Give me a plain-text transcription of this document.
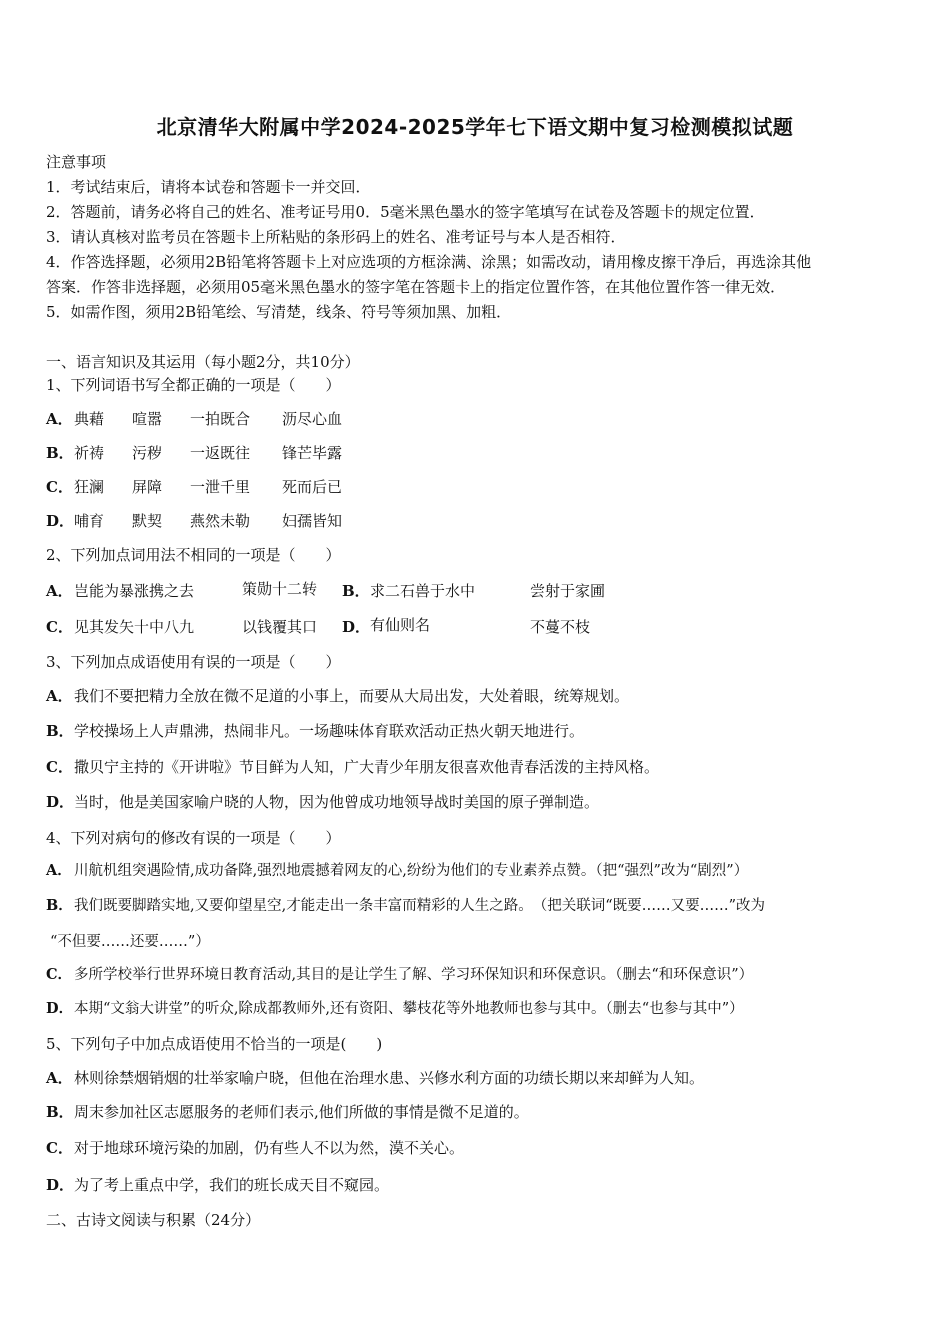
北京清华大附属中学2024-2025学年七下语文期中复习检测模拟试题
注意事项
1．考试结束后，请将本试卷和答题卡一并交回．
2．答题前，请务必将自己的姓名、准考证号用0．5毫米黑色墨水的签字笔填写在试卷及答题卡的规定位置．
3．请认真核对监考员在答题卡上所粘贴的条形码上的姓名、准考证号与本人是否相符．
4．作答选择题，必须用2B铅笔将答题卡上对应选项的方框涂满、涂黑；如需改动，请用橡皮擦干净后，再选涂其他
答案．作答非选择题，必须用05毫米黑色墨水的签字笔在答题卡上的指定位置作答，在其他位置作答一律无效．
5．如需作图，须用2B铅笔绘、写清楚，线条、符号等须加黑、加粗．
一、语言知识及其运用（每小题2分，共10分）
1、下列词语书写全都正确的一项是（　　）
A．典藉 喧嚣 一拍既合 沥尽心血
B．祈祷 污秽 一返既往 锋芒毕露
C．狂澜 屏障 一泄千里 死而后已
D．哺育 默契 燕然未勒 妇孺皆知
2、下列加点词用法不相同的一项是（　　）
A． 岂能为暴涨携之去	策勋十二转 B． 求二石兽于水中	尝射于家圃
C． 见其发矢十中八九	以钱覆其口 D． 有仙则名	不蔓不枝
3、下列加点成语使用有误的一项是（　　）
A．我们不要把精力全放在微不足道的小事上，而要从大局出发，大处着眼，统筹规划。
B．学校操场上人声鼎沸，热闹非凡。一场趣味体育联欢活动正热火朝天地进行。
C．撒贝宁主持的《开讲啦》节目鲜为人知，广大青少年朋友很喜欢他青春活泼的主持风格。
D．当时，他是美国家喻户晓的人物，因为他曾成功地领导战时美国的原子弹制造。
4、下列对病句的修改有误的一项是（　　）
A． 川航机组突遇险情,成功备降,强烈地震撼着网友的心,纷纷为他们的专业素养点赞。（把“强烈”改为“剧烈”）
B．我们既要脚踏实地,又要仰望星空,才能走出一条丰富而精彩的人生之路。　（把关联词“既要……又要……”改为
“不但要……还要……”）
C． 多所学校举行世界环境日教育活动,其目的是让学生了解、学习环保知识和环保意识。（删去“和环保意识”）
D．本期“文翁大讲堂”的听众,除成都教师外,还有资阳、攀枝花等外地教师也参与其中。（删去“也参与其中”）
5、下列句子中加点成语使用不恰当的一项是(　　)
A．林则徐禁烟销烟的壮举家喻户晓，但他在治理水患、兴修水利方面的功绩长期以来却鲜为人知。
B．周末参加社区志愿服务的老师们表示,他们所做的事情是微不足道的。
C．对于地球环境污染的加剧，仍有些人不以为然，漠不关心。
D．为了考上重点中学，我们的班长成天目不窥园。
二、古诗文阅读与积累（24分）
